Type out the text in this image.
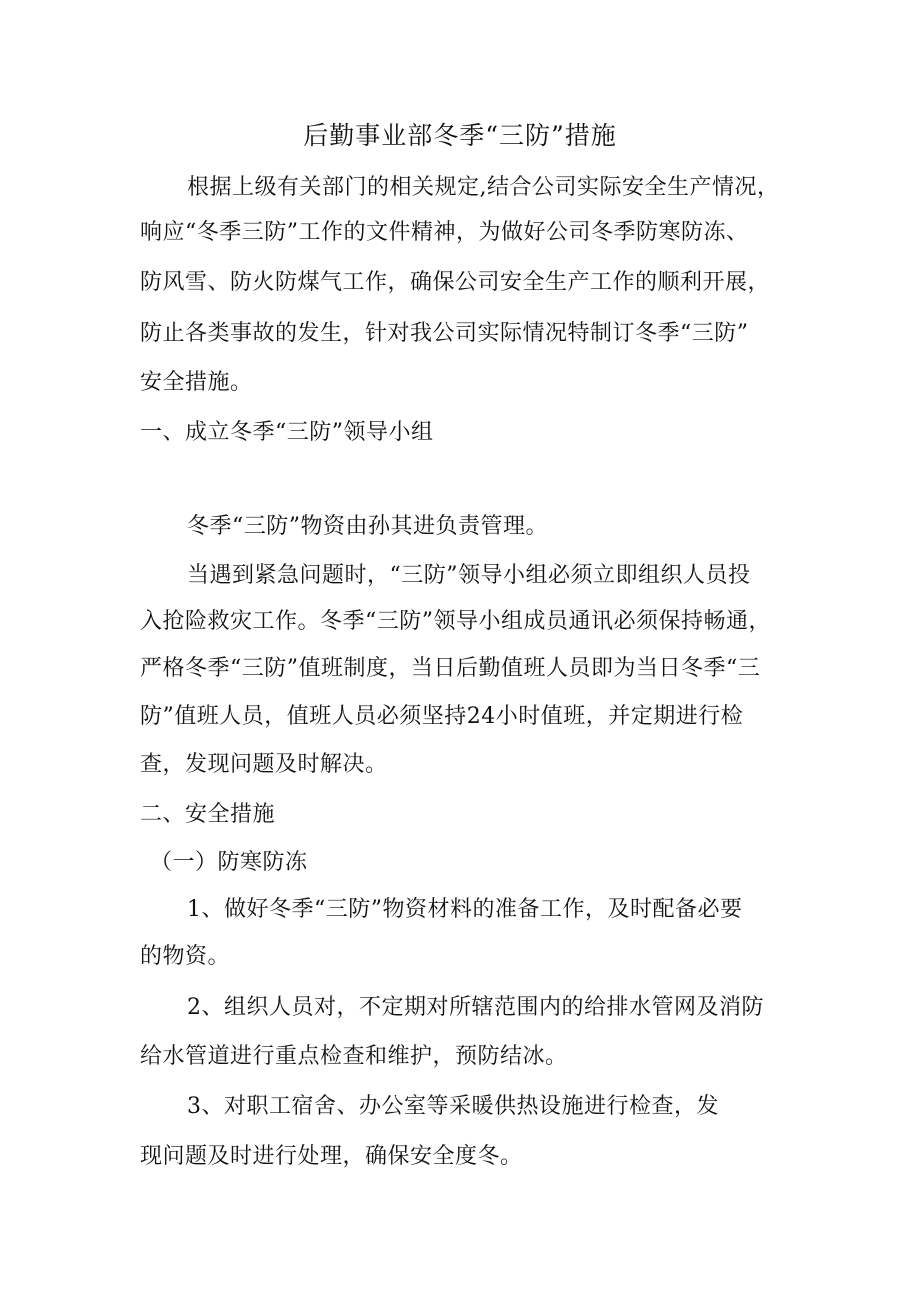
后勤事业部冬季“三防”措施
根据上级有关部门的相关规定,结合公司实际安全生产情况，
响应“冬季三防”工作的文件精神，为做好公司冬季防寒防冻、
防风雪、防火防煤气工作，确保公司安全生产工作的顺利开展，
防止各类事故的发生，针对我公司实际情况特制订冬季“三防”
安全措施。
一、成立冬季“三防”领导小组
冬季“三防”物资由孙其进负责管理。
当遇到紧急问题时，“三防”领导小组必须立即组织人员投
入抢险救灾工作。冬季“三防”领导小组成员通讯必须保持畅通，
严格冬季“三防”值班制度，当日后勤值班人员即为当日冬季“三
防”值班人员，值班人员必须坚持24小时值班，并定期进行检
查，发现问题及时解决。
二、安全措施
（一）防寒防冻
1、做好冬季“三防”物资材料的准备工作，及时配备必要
的物资。
2、组织人员对，不定期对所辖范围内的给排水管网及消防
给水管道进行重点检查和维护，预防结冰。
3、对职工宿舍、办公室等采暖供热设施进行检查，发
现问题及时进行处理，确保安全度冬。
